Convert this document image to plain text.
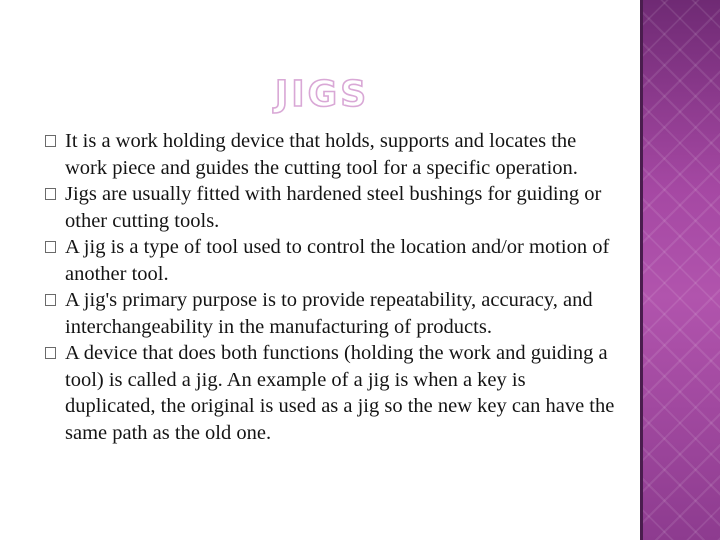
JIGS
It is a work holding device that holds, supports and locates the work piece and guides the cutting tool for a specific operation.
Jigs are usually fitted with hardened steel bushings for guiding or other cutting tools.
A jig is a type of tool used to control the location and/or motion of another tool.
A jig's primary purpose is to provide repeatability, accuracy, and interchangeability in the manufacturing of products.
A device that does both functions (holding the work and guiding a tool) is called a jig. An example of a jig is when a key is duplicated, the original is used as a jig so the new key can have the same path as the old one.
